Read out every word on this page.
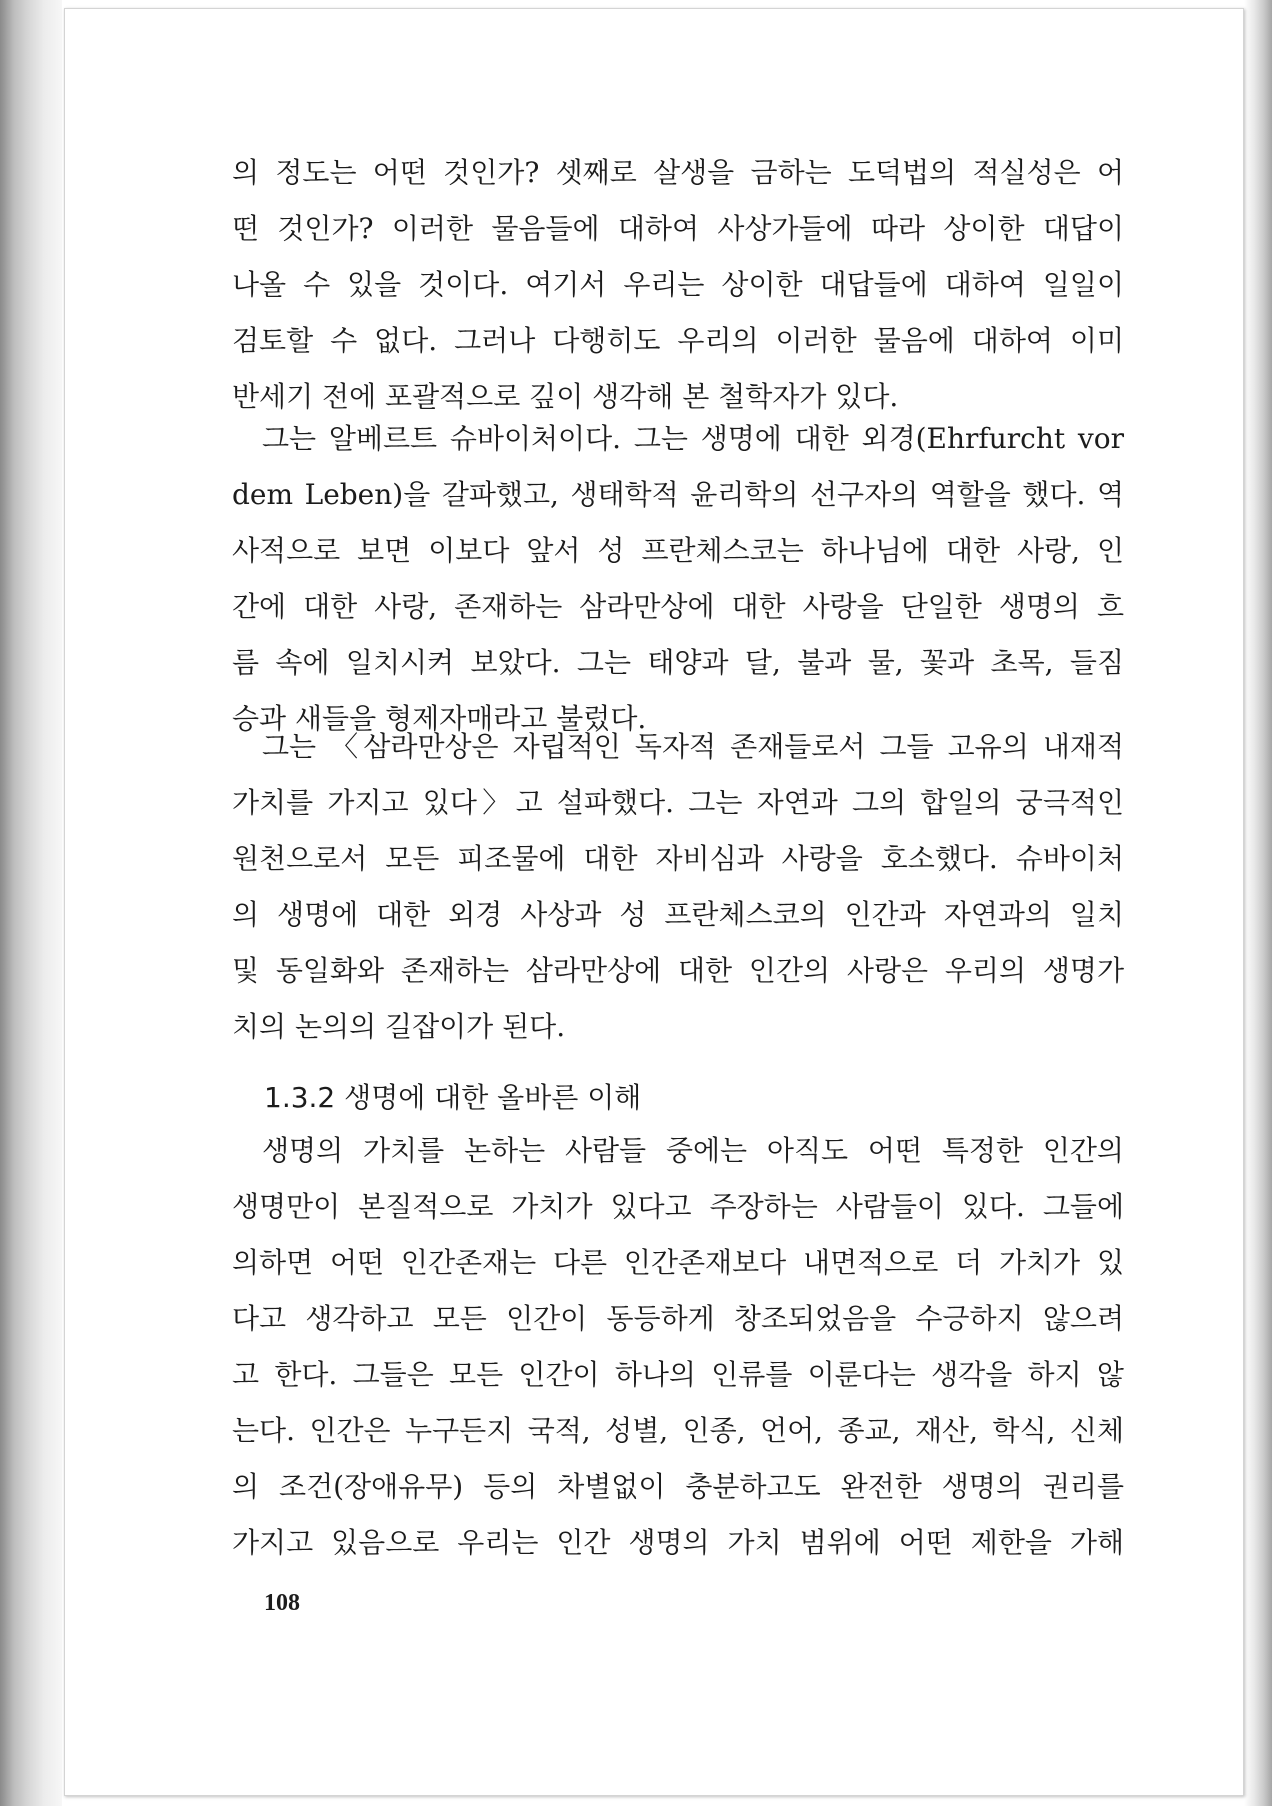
의 정도는 어떤 것인가? 셋째로 살생을 금하는 도덕법의 적실성은 어
떤 것인가? 이러한 물음들에 대하여 사상가들에 따라 상이한 대답이
나올 수 있을 것이다. 여기서 우리는 상이한 대답들에 대하여 일일이
검토할 수 없다. 그러나 다행히도 우리의 이러한 물음에 대하여 이미
반세기 전에 포괄적으로 깊이 생각해 본 철학자가 있다.
그는 알베르트 슈바이처이다. 그는 생명에 대한 외경(Ehrfurcht vor
dem Leben)을 갈파했고, 생태학적 윤리학의 선구자의 역할을 했다. 역
사적으로 보면 이보다 앞서 성 프란체스코는 하나님에 대한 사랑, 인
간에 대한 사랑, 존재하는 삼라만상에 대한 사랑을 단일한 생명의 흐
름 속에 일치시켜 보았다. 그는 태양과 달, 불과 물, 꽃과 초목, 들짐
승과 새들을 형제자매라고 불렀다.
그는 〈삼라만상은 자립적인 독자적 존재들로서 그들 고유의 내재적
가치를 가지고 있다〉고 설파했다. 그는 자연과 그의 합일의 궁극적인
원천으로서 모든 피조물에 대한 자비심과 사랑을 호소했다. 슈바이처
의 생명에 대한 외경 사상과 성 프란체스코의 인간과 자연과의 일치
및 동일화와 존재하는 삼라만상에 대한 인간의 사랑은 우리의 생명가
치의 논의의 길잡이가 된다.
1.3.2 생명에 대한 올바른 이해
생명의 가치를 논하는 사람들 중에는 아직도 어떤 특정한 인간의
생명만이 본질적으로 가치가 있다고 주장하는 사람들이 있다. 그들에
의하면 어떤 인간존재는 다른 인간존재보다 내면적으로 더 가치가 있
다고 생각하고 모든 인간이 동등하게 창조되었음을 수긍하지 않으려
고 한다. 그들은 모든 인간이 하나의 인류를 이룬다는 생각을 하지 않
는다. 인간은 누구든지 국적, 성별, 인종, 언어, 종교, 재산, 학식, 신체
의 조건(장애유무) 등의 차별없이 충분하고도 완전한 생명의 권리를
가지고 있음으로 우리는 인간 생명의 가치 범위에 어떤 제한을 가해
108
